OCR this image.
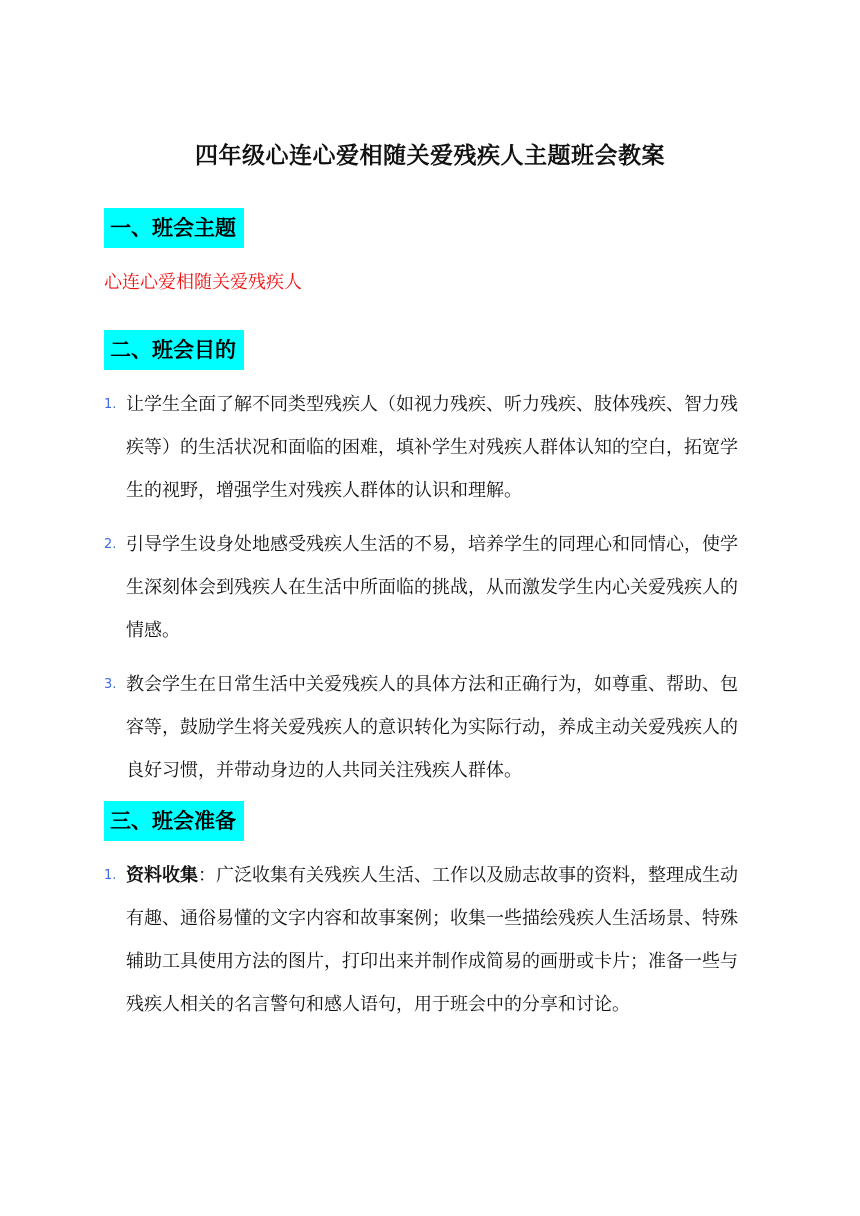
四年级心连心爱相随关爱残疾人主题班会教案
一、班会主题
心连心爱相随关爱残疾人
二、班会目的
1. 让学生全面了解不同类型残疾人（如视力残疾、听力残疾、肢体残疾、智力残疾等）的生活状况和面临的困难，填补学生对残疾人群体认知的空白，拓宽学生的视野，增强学生对残疾人群体的认识和理解。
2. 引导学生设身处地感受残疾人生活的不易，培养学生的同理心和同情心，使学生深刻体会到残疾人在生活中所面临的挑战，从而激发学生内心关爱残疾人的情感。
3. 教会学生在日常生活中关爱残疾人的具体方法和正确行为，如尊重、帮助、包容等，鼓励学生将关爱残疾人的意识转化为实际行动，养成主动关爱残疾人的良好习惯，并带动身边的人共同关注残疾人群体。
三、班会准备
1. 资料收集：广泛收集有关残疾人生活、工作以及励志故事的资料，整理成生动有趣、通俗易懂的文字内容和故事案例；收集一些描绘残疾人生活场景、特殊辅助工具使用方法的图片，打印出来并制作成简易的画册或卡片；准备一些与残疾人相关的名言警句和感人语句，用于班会中的分享和讨论。
